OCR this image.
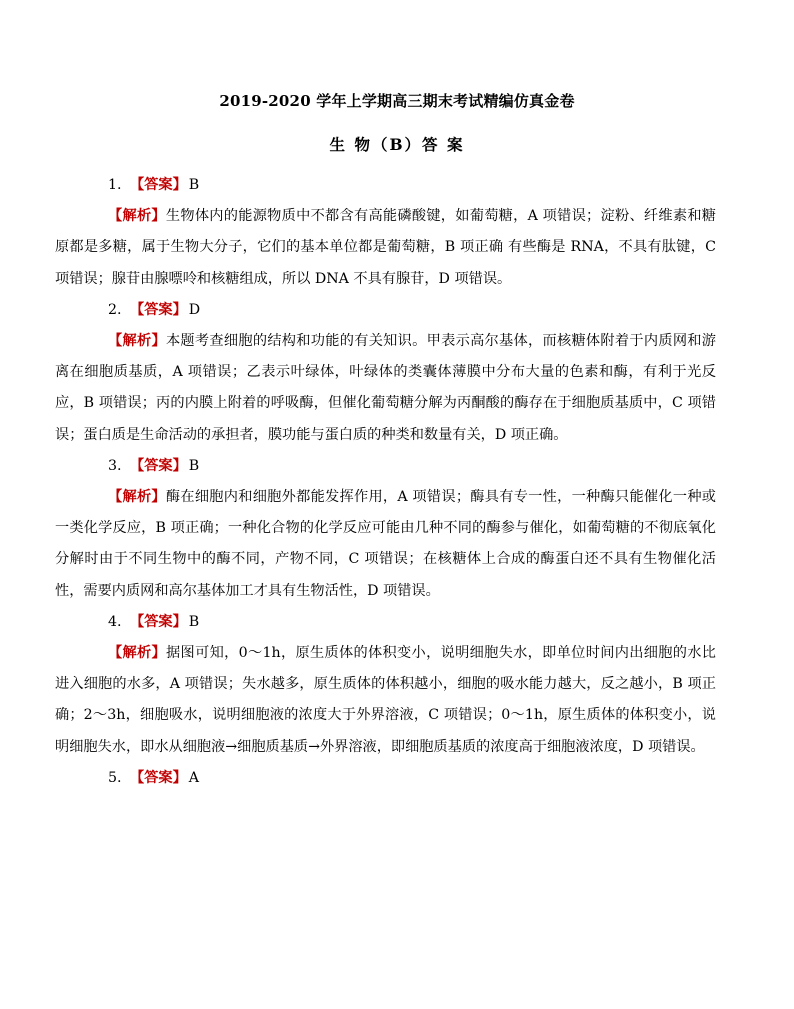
2019-2020 学年上学期高三期末考试精编仿真金卷
生 物（B）答 案
1. 【答案】 B
【解析】生物体内的能源物质中不都含有高能磷酸键，如葡萄糖，A 项错误；淀粉、纤维素和糖原都是多糖，属于生物大分子，它们的基本单位都是葡萄糖，B 项正确 有些酶是 RNA，不具有肽键，C 项错误；腺苷由腺嘌呤和核糖组成，所以 DNA 不具有腺苷，D 项错误。
2. 【答案】 D
【解析】本题考查细胞的结构和功能的有关知识。甲表示高尔基体，而核糖体附着于内质网和游离在细胞质基质，A 项错误；乙表示叶绿体，叶绿体的类囊体薄膜中分布大量的色素和酶，有利于光反应，B 项错误；丙的内膜上附着的呼吸酶，但催化葡萄糖分解为丙酮酸的酶存在于细胞质基质中，C 项错误；蛋白质是生命活动的承担者，膜功能与蛋白质的种类和数量有关，D 项正确。
3. 【答案】 B
【解析】酶在细胞内和细胞外都能发挥作用，A 项错误；酶具有专一性，一种酶只能催化一种或一类化学反应，B 项正确；一种化合物的化学反应可能由几种不同的酶参与催化，如葡萄糖的不彻底氧化分解时由于不同生物中的酶不同，产物不同，C 项错误；在核糖体上合成的酶蛋白还不具有生物催化活性，需要内质网和高尔基体加工才具有生物活性，D 项错误。
4. 【答案】 B
【解析】据图可知，0～1h，原生质体的体积变小，说明细胞失水，即单位时间内出细胞的水比进入细胞的水多，A 项错误；失水越多，原生质体的体积越小，细胞的吸水能力越大，反之越小，B 项正确；2～3h，细胞吸水，说明细胞液的浓度大于外界溶液，C 项错误；0～1h，原生质体的体积变小，说明细胞失水，即水从细胞液→细胞质基质→外界溶液，即细胞质基质的浓度高于细胞液浓度，D 项错误。
5. 【答案】 A
